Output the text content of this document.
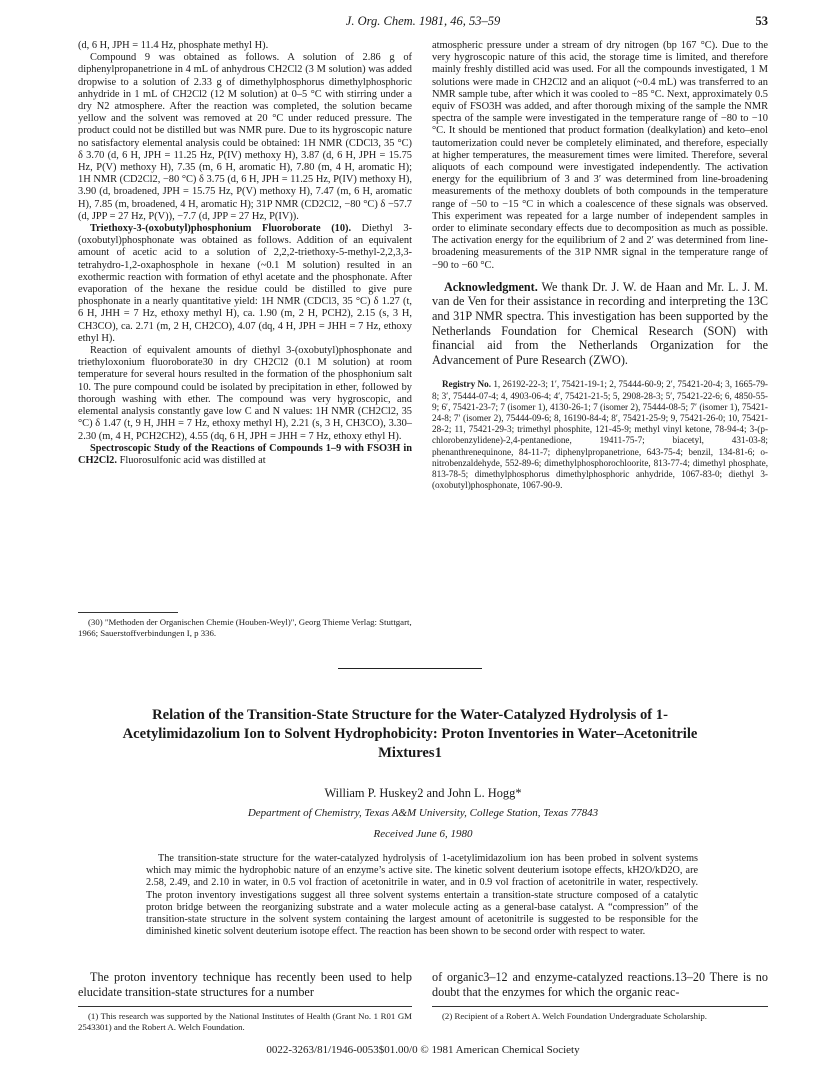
J. Org. Chem. 1981, 46, 53–59	53

(d, 6 H, JPH = 11.4 Hz, phosphate methyl H).

Compound 9 was obtained as follows. A solution of 2.86 g of diphenylpropanetrione in 4 mL of anhydrous CH2Cl2 (3 M solution) was added dropwise to a solution of 2.33 g of dimethylphosphorus dimethylphosphoric anhydride in 1 mL of CH2Cl2 (12 M solution) at 0–5 °C with stirring under a dry N2 atmosphere. After the reaction was completed, the solution became yellow and the solvent was removed at 20 °C under reduced pressure. The product could not be distilled but was NMR pure. Due to its hygroscopic nature no satisfactory elemental analysis could be obtained: 1H NMR (CDCl3, 35 °C) δ 3.70 (d, 6 H, JPH = 11.25 Hz, P(IV) methoxy H), 3.87 (d, 6 H, JPH = 15.75 Hz, P(V) methoxy H), 7.35 (m, 6 H, aromatic H), 7.80 (m, 4 H, aromatic H); 1H NMR (CD2Cl2, −80 °C) δ 3.75 (d, 6 H, JPH = 11.25 Hz, P(IV) methoxy H), 3.90 (d, broadened, JPH = 15.75 Hz, P(V) methoxy H), 7.47 (m, 6 H, aromatic H), 7.85 (m, broadened, 4 H, aromatic H); 31P NMR (CD2Cl2, −80 °C) δ −57.7 (d, JPP = 27 Hz, P(V)), −7.7 (d, JPP = 27 Hz, P(IV)).

Triethoxy-3-(oxobutyl)phosphonium Fluoroborate (10). Diethyl 3-(oxobutyl)phosphonate was obtained as follows. Addition of an equivalent amount of acetic acid to a solution of 2,2,2-triethoxy-5-methyl-2,2,3,3-tetrahydro-1,2-oxaphosphole in hexane (~0.1 M solution) resulted in an exothermic reaction with formation of ethyl acetate and the phosphonate. After evaporation of the hexane the residue could be distilled to give pure phosphonate in a nearly quantitative yield: 1H NMR (CDCl3, 35 °C) δ 1.27 (t, 6 H, JHH = 7 Hz, ethoxy methyl H), ca. 1.90 (m, 2 H, PCH2), 2.15 (s, 3 H, CH3CO), ca. 2.71 (m, 2 H, CH2CO), 4.07 (dq, 4 H, JPH = JHH = 7 Hz, ethoxy ethyl H).

Reaction of equivalent amounts of diethyl 3-(oxobutyl)phosphonate and triethyloxonium fluoroborate30 in dry CH2Cl2 (0.1 M solution) at room temperature for several hours resulted in the formation of the phosphonium salt 10. The pure compound could be isolated by precipitation in ether, followed by thorough washing with ether. The compound was very hygroscopic, and elemental analysis constantly gave low C and N values: 1H NMR (CH2Cl2, 35 °C) δ 1.47 (t, 9 H, JHH = 7 Hz, ethoxy methyl H), 2.21 (s, 3 H, CH3CO), 3.30–2.30 (m, 4 H, PCH2CH2), 4.55 (dq, 6 H, JPH = JHH = 7 Hz, ethoxy ethyl H).

Spectroscopic Study of the Reactions of Compounds 1–9 with FSO3H in CH2Cl2. Fluorosulfonic acid was distilled at

(30) "Methoden der Organischen Chemie (Houben-Weyl)", Georg Thieme Verlag: Stuttgart, 1966; Sauerstoffverbindungen I, p 336.

atmospheric pressure under a stream of dry nitrogen (bp 167 °C). Due to the very hygroscopic nature of this acid, the storage time is limited, and therefore mainly freshly distilled acid was used. For all the compounds investigated, 1 M solutions were made in CH2Cl2 and an aliquot (~0.4 mL) was transferred to an NMR sample tube, after which it was cooled to −85 °C. Next, approximately 0.5 equiv of FSO3H was added, and after thorough mixing of the sample the NMR spectra of the sample were investigated in the temperature range of −80 to −10 °C. It should be mentioned that product formation (dealkylation) and keto–enol tautomerization could never be completely eliminated, and therefore, especially at higher temperatures, the measurement times were limited. Therefore, several aliquots of each compound were investigated independently. The activation energy for the equilibrium of 3 and 3′ was determined from line-broadening measurements of the methoxy doublets of both compounds in the temperature range of −50 to −15 °C in which a coalescence of these signals was observed. This experiment was repeated for a large number of independent samples in order to eliminate secondary effects due to decomposition as much as possible. The activation energy for the equilibrium of 2 and 2′ was determined from line-broadening measurements of the 31P NMR signal in the temperature range of −90 to −60 °C.

Acknowledgment. We thank Dr. J. W. de Haan and Mr. L. J. M. van de Ven for their assistance in recording and interpreting the 13C and 31P NMR spectra. This investigation has been supported by the Netherlands Foundation for Chemical Research (SON) with financial aid from the Netherlands Organization for the Advancement of Pure Research (ZWO).

Registry No. 1, 26192-22-3; 1′, 75421-19-1; 2, 75444-60-9; 2′, 75421-20-4; 3, 1665-79-8; 3′, 75444-07-4; 4, 4903-06-4; 4′, 75421-21-5; 5, 2908-28-3; 5′, 75421-22-6; 6, 4850-55-9; 6′, 75421-23-7; 7 (isomer 1), 4130-26-1; 7 (isomer 2), 75444-08-5; 7′ (isomer 1), 75421-24-8; 7′ (isomer 2), 75444-09-6; 8, 16190-84-4; 8′, 75421-25-9; 9, 75421-26-0; 10, 75421-28-2; 11, 75421-29-3; trimethyl phosphite, 121-45-9; methyl vinyl ketone, 78-94-4; 3-(p-chlorobenzylidene)-2,4-pentanedione, 19411-75-7; biacetyl, 431-03-8; phenanthrenequinone, 84-11-7; diphenylpropanetrione, 643-75-4; benzil, 134-81-6; o-nitrobenzaldehyde, 552-89-6; dimethylphosphorochloorite, 813-77-4; dimethyl phosphate, 813-78-5; dimethylphosphorus dimethylphosphoric anhydride, 1067-83-0; diethyl 3-(oxobutyl)phosphonate, 1067-90-9.

Relation of the Transition-State Structure for the Water-Catalyzed Hydrolysis of 1-Acetylimidazolium Ion to Solvent Hydrophobicity: Proton Inventories in Water–Acetonitrile Mixtures1
William P. Huskey2 and John L. Hogg*
Department of Chemistry, Texas A&M University, College Station, Texas 77843
Received June 6, 1980

The transition-state structure for the water-catalyzed hydrolysis of 1-acetylimidazolium ion has been probed in solvent systems which may mimic the hydrophobic nature of an enzyme’s active site. The kinetic solvent deuterium isotope effects, kH2O/kD2O, are 2.58, 2.49, and 2.10 in water, in 0.5 vol fraction of acetonitrile in water, and in 0.9 vol fraction of acetonitrile in water, respectively. The proton inventory investigations suggest all three solvent systems entertain a transition-state structure composed of a catalytic proton bridge between the reorganizing substrate and a water molecule acting as a general-base catalyst. A “compression” of the transition-state structure in the solvent system containing the largest amount of acetonitrile is suggested to be responsible for the diminished kinetic solvent deuterium isotope effect. The reaction has been shown to be second order with respect to water.

The proton inventory technique has recently been used to help elucidate transition-state structures for a number

of organic3–12 and enzyme-catalyzed reactions.13–20 There is no doubt that the enzymes for which the organic reac-

(1) This research was supported by the National Institutes of Health (Grant No. 1 R01 GM 2543301) and the Robert A. Welch Foundation.

(2) Recipient of a Robert A. Welch Foundation Undergraduate Scholarship.

0022-3263/81/1946-0053$01.00/0 © 1981 American Chemical Society
